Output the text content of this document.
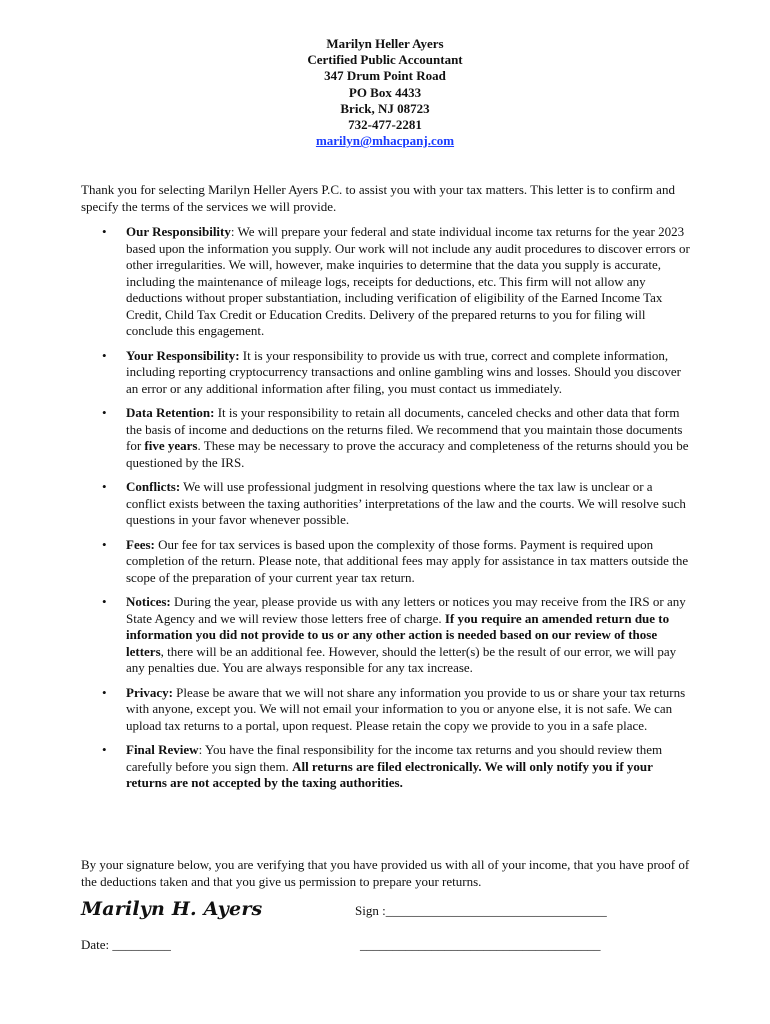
Marilyn Heller Ayers
Certified Public Accountant
347 Drum Point Road
PO Box 4433
Brick, NJ 08723
732-477-2281
marilyn@mhacpanj.com

Thank you for selecting Marilyn Heller Ayers P.C. to assist you with your tax matters. This letter is to confirm and specify the terms of the services we will provide.

• Our Responsibility: We will prepare your federal and state individual income tax returns for the year 2023 based upon the information you supply. Our work will not include any audit procedures to discover errors or other irregularities. We will, however, make inquiries to determine that the data you supply is accurate, including the maintenance of mileage logs, receipts for deductions, etc. This firm will not allow any deductions without proper substantiation, including verification of eligibility of the Earned Income Tax Credit, Child Tax Credit or Education Credits. Delivery of the prepared returns to you for filing will conclude this engagement.
• Your Responsibility: It is your responsibility to provide us with true, correct and complete information, including reporting cryptocurrency transactions and online gambling wins and losses. Should you discover an error or any additional information after filing, you must contact us immediately.
• Data Retention: It is your responsibility to retain all documents, canceled checks and other data that form the basis of income and deductions on the returns filed. We recommend that you maintain those documents for five years. These may be necessary to prove the accuracy and completeness of the returns should you be questioned by the IRS.
• Conflicts: We will use professional judgment in resolving questions where the tax law is unclear or a conflict exists between the taxing authorities’ interpretations of the law and the courts. We will resolve such questions in your favor whenever possible.
• Fees: Our fee for tax services is based upon the complexity of those forms. Payment is required upon completion of the return. Please note, that additional fees may apply for assistance in tax matters outside the scope of the preparation of your current year tax return.
• Notices: During the year, please provide us with any letters or notices you may receive from the IRS or any State Agency and we will review those letters free of charge. If you require an amended return due to information you did not provide to us or any other action is needed based on our review of those letters, there will be an additional fee. However, should the letter(s) be the result of our error, we will pay any penalties due. You are always responsible for any tax increase.
• Privacy: Please be aware that we will not share any information you provide to us or share your tax returns with anyone, except you. We will not email your information to you or anyone else, it is not safe. We can upload tax returns to a portal, upon request. Please retain the copy we provide to you in a safe place.
• Final Review: You have the final responsibility for the income tax returns and you should review them carefully before you sign them. All returns are filed electronically. We will only notify you if your returns are not accepted by the taxing authorities.

By your signature below, you are verifying that you have provided us with all of your income, that you have proof of the deductions taken and that you give us permission to prepare your returns.

Marilyn H. Ayers	Sign :__________________________________
Date: _________	_____________________________________
